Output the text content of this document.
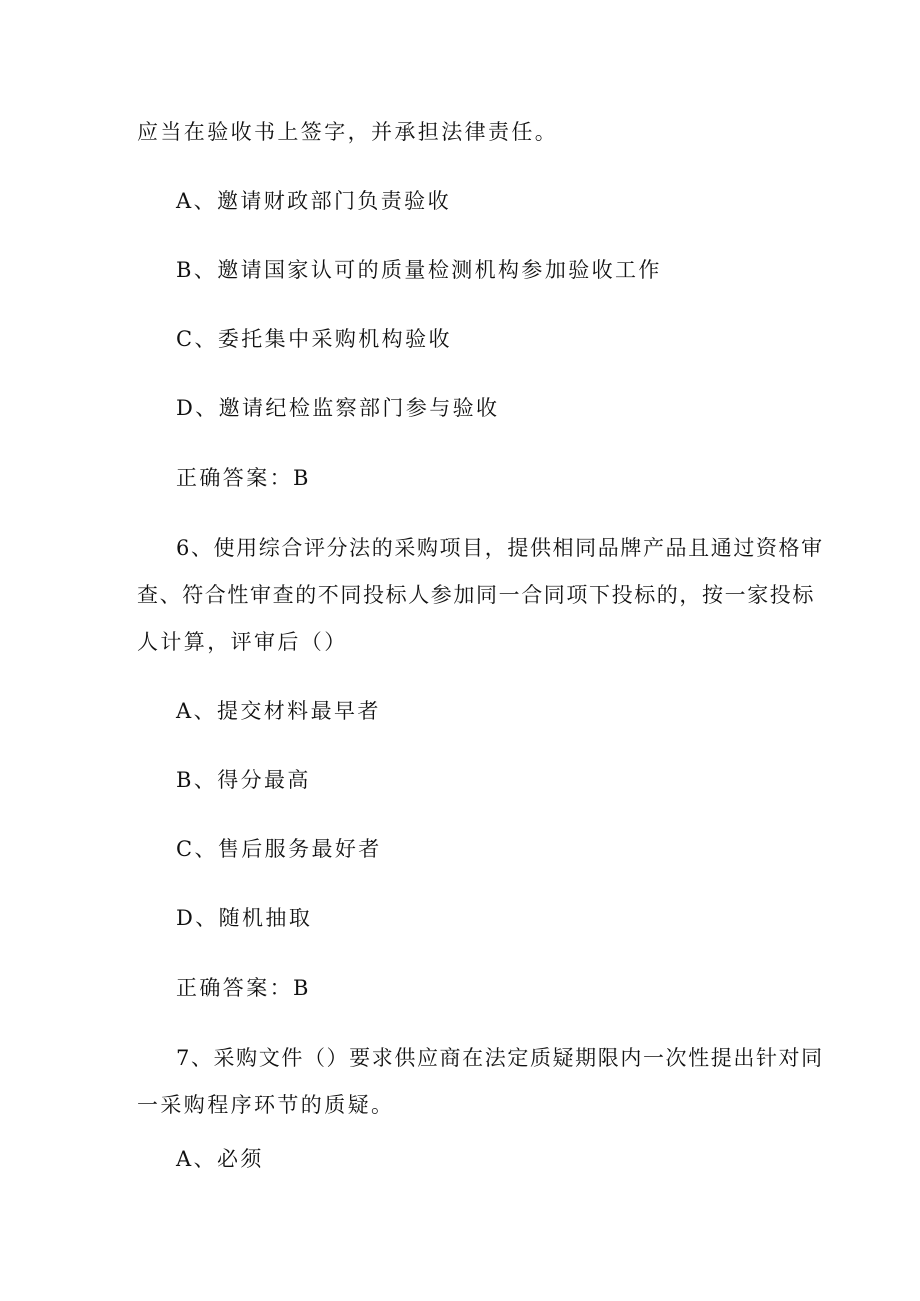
应当在验收书上签字，并承担法律责任。
A、邀请财政部门负责验收
B、邀请国家认可的质量检测机构参加验收工作
C、委托集中采购机构验收
D、邀请纪检监察部门参与验收
正确答案：B
6、使用综合评分法的采购项目，提供相同品牌产品且通过资格审
查、符合性审查的不同投标人参加同一合同项下投标的，按一家投标
人计算，评审后（）
A、提交材料最早者
B、得分最高
C、售后服务最好者
D、随机抽取
正确答案：B
7、采购文件（）要求供应商在法定质疑期限内一次性提出针对同
一采购程序环节的质疑。
A、必须
